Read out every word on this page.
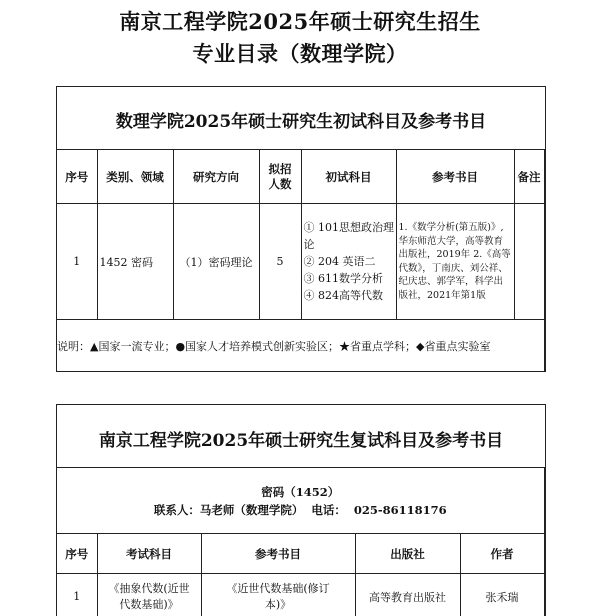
南京工程学院2025年硕士研究生招生
专业目录（数理学院）
数理学院2025年硕士研究生初试科目及参考书目
序号	类别、领域	研究方向	拟招人数	初试科目	参考书目	备注
1	1452 密码	（1）密码理论	5	① 101思想政治理论
② 204 英语二
③ 611数学分析
④ 824高等代数	1.《数学分析(第五版)》,华东师范大学，高等教育出版社，2019年 2.《高等代数》，丁南庆、刘公祥、纪庆忠、郭学军，科学出版社，2021年第1版	
说明：▲国家一流专业；●国家人才培养模式创新实验区；★省重点学科；◆省重点实验室						
南京工程学院2025年硕士研究生复试科目及参考书目
密码（1452）
联系人：马老师（数理学院）  电话：  025-86118176				

序号	考试科目	参考书目	出版社	作者
1	《抽象代数(近世代数基础)》	《近世代数基础(修订本)》	高等教育出版社	张禾瑞
